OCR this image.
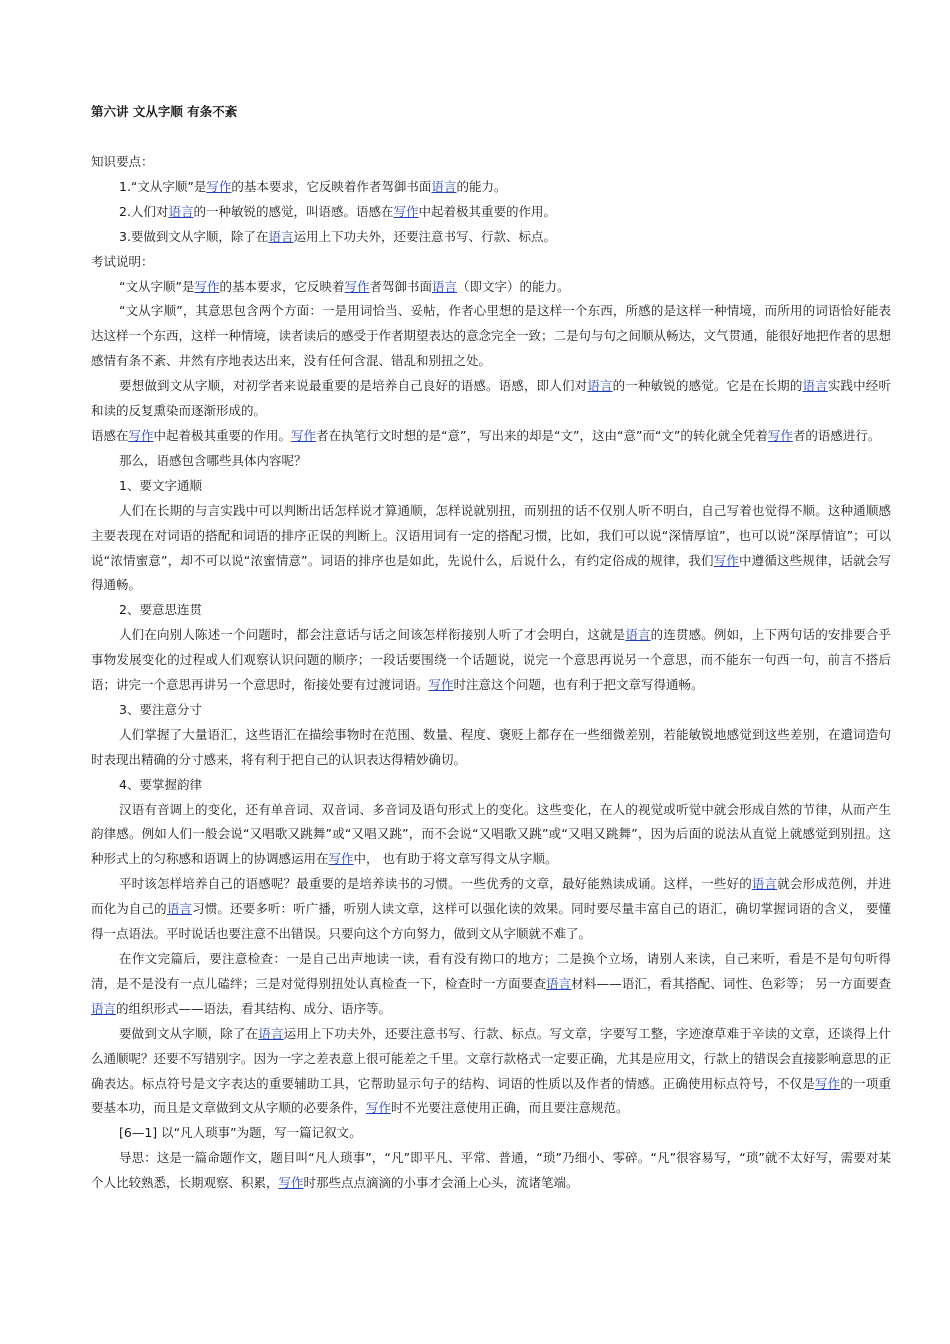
第六讲 文从字顺 有条不紊

知识要点：

1.“文从字顺”是写作的基本要求，它反映着作者驾御书面语言的能力。

2.人们对语言的一种敏锐的感觉，叫语感。语感在写作中起着极其重要的作用。

3.要做到文从字顺，除了在语言运用上下功夫外，还要注意书写、行款、标点。

考试说明：

“文从字顺”是写作的基本要求，它反映着写作者驾御书面语言（即文字）的能力。

“文从字顺”，其意思包含两个方面：一是用词恰当、妥帖，作者心里想的是这样一个东西，所感的是这样一种情境，而所用的词语恰好能表达这样一个东西，这样一种情境，读者读后的感受于作者期望表达的意念完全一致；二是句与句之间顺从畅达，文气贯通，能很好地把作者的思想感情有条不紊、井然有序地表达出来，没有任何含混、错乱和别扭之处。

要想做到文从字顺，对初学者来说最重要的是培养自己良好的语感。语感，即人们对语言的一种敏锐的感觉。它是在长期的语言实践中经听和读的反复熏染而逐渐形成的。

语感在写作中起着极其重要的作用。写作者在执笔行文时想的是“意”，写出来的却是“文”，这由“意”而“文”的转化就全凭着写作者的语感进行。

那么，语感包含哪些具体内容呢？

1、要文字通顺

人们在长期的与言实践中可以判断出话怎样说才算通顺，怎样说就别扭，而别扭的话不仅别人听不明白，自己写着也觉得不顺。这种通顺感主要表现在对词语的搭配和词语的排序正误的判断上。汉语用词有一定的搭配习惯，比如，我们可以说“深情厚谊”，也可以说“深厚情谊”；可以说“浓情蜜意”，却不可以说“浓蜜情意”。词语的排序也是如此，先说什么，后说什么，有约定俗成的规律，我们写作中遵循这些规律，话就会写得通畅。

2、要意思连贯

人们在向别人陈述一个问题时，都会注意话与话之间该怎样衔接别人听了才会明白，这就是语言的连贯感。例如，上下两句话的安排要合乎事物发展变化的过程或人们观察认识问题的顺序；一段话要围绕一个话题说，说完一个意思再说另一个意思，而不能东一句西一句，前言不搭后语；讲完一个意思再讲另一个意思时，衔接处要有过渡词语。写作时注意这个问题，也有利于把文章写得通畅。

3、要注意分寸

人们掌握了大量语汇，这些语汇在描绘事物时在范围、数量、程度、褒贬上都存在一些细微差别，若能敏锐地感觉到这些差别，在遣词造句时表现出精确的分寸感来，将有利于把自己的认识表达得精妙确切。

4、要掌握韵律

汉语有音调上的变化，还有单音词、双音词、多音词及语句形式上的变化。这些变化，在人的视觉或听觉中就会形成自然的节律，从而产生韵律感。例如人们一般会说“又唱歌又跳舞”或“又唱又跳”，而不会说“又唱歌又跳”或“又唱又跳舞”，因为后面的说法从直觉上就感觉到别扭。这种形式上的匀称感和语调上的协调感运用在写作中， 也有助于将文章写得文从字顺。

平时该怎样培养自己的语感呢？最重要的是培养读书的习惯。一些优秀的文章，最好能熟读成诵。这样，一些好的语言就会形成范例，并进而化为自己的语言习惯。还要多听：听广播，听别人读文章，这样可以强化读的效果。同时要尽量丰富自己的语汇，确切掌握词语的含义， 要懂得一点语法。平时说话也要注意不出错误。只要向这个方向努力，做到文从字顺就不难了。

在作文完篇后，要注意检查：一是自己出声地读一读，看有没有拗口的地方；二是换个立场，请别人来读，自己来听，看是不是句句听得清，是不是没有一点儿磕绊；三是对觉得别扭处认真检查一下，检查时一方面要查语言材料——语汇，看其搭配、词性、色彩等； 另一方面要查语言的组织形式——语法，看其结构、成分、语序等。

要做到文从字顺，除了在语言运用上下功夫外，还要注意书写、行款、标点。写文章，字要写工整，字迹潦草难于辛读的文章，还谈得上什么通顺呢？还要不写错别字。因为一字之差表意上很可能差之千里。文章行款格式一定要正确，尤其是应用文，行款上的错误会直接影响意思的正确表达。标点符号是文字表达的重要辅助工具，它帮助显示句子的结构、词语的性质以及作者的情感。正确使用标点符号，不仅是写作的一项重要基本功，而且是文章做到文从字顺的必要条件，写作时不光要注意使用正确，而且要注意规范。

[6—1] 以“凡人琐事”为题，写一篇记叙文。

导思：这是一篇命题作文，题目叫“凡人琐事”，“凡”即平凡、平常、普通，“琐”乃细小、零碎。“凡”很容易写，“琐”就不太好写，需要对某个人比较熟悉，长期观察、积累，写作时那些点点滴滴的小事才会涌上心头，流诸笔端。
